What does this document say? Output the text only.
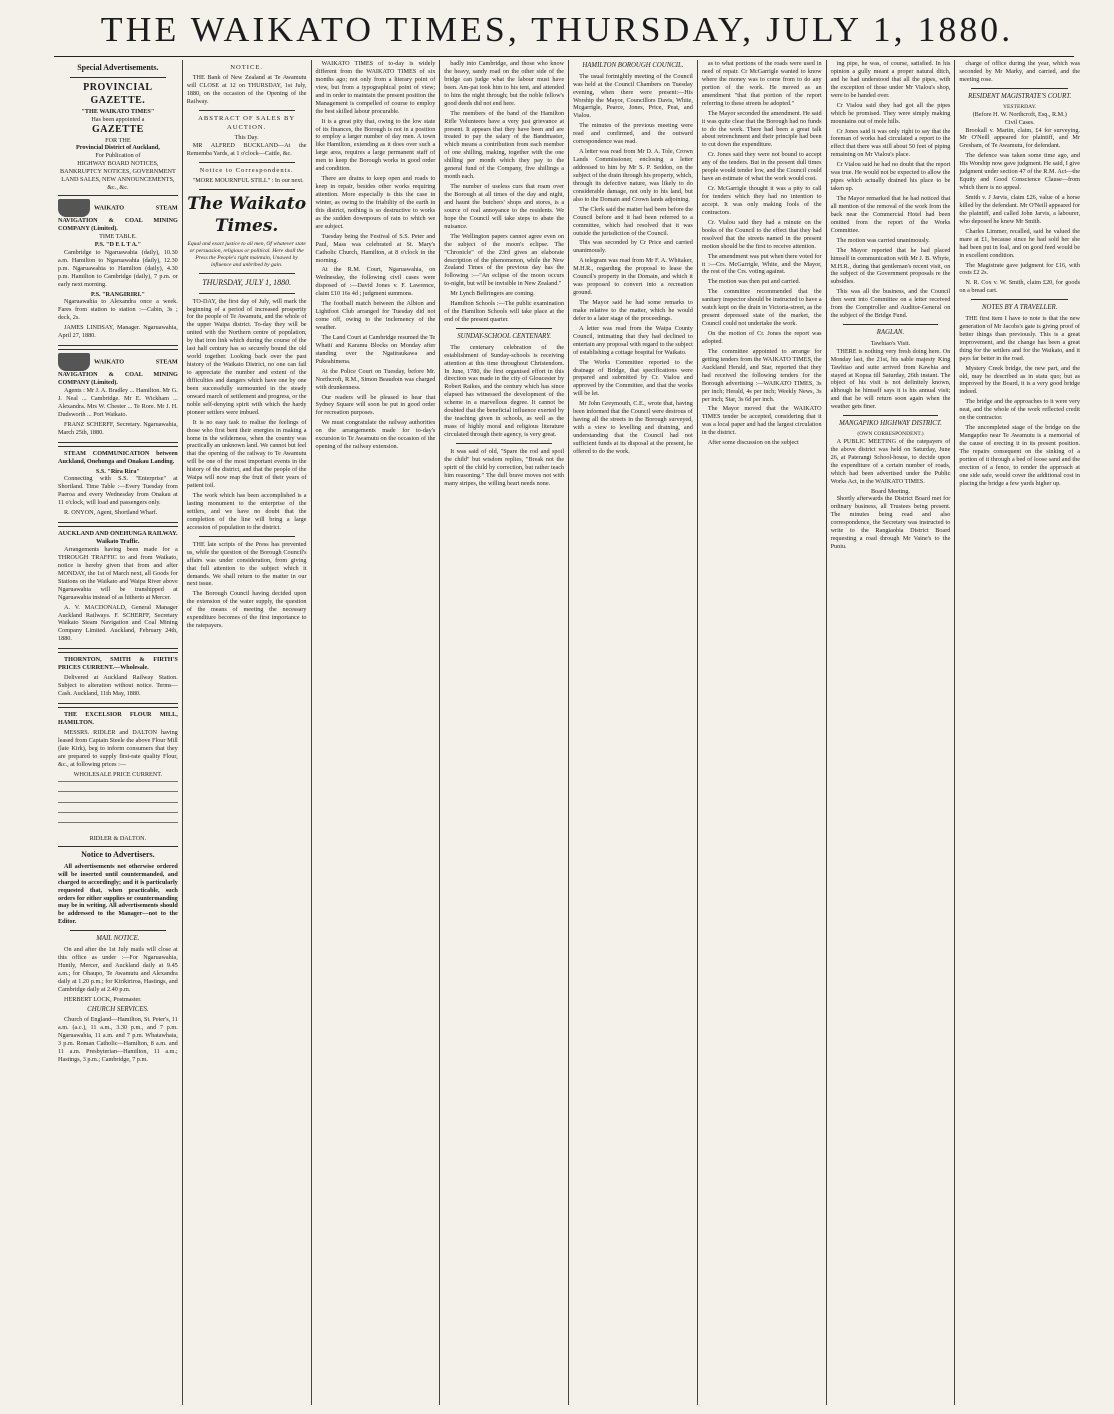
THE WAIKATO TIMES, THURSDAY, JULY 1, 1880.
Special Advertisements.
PROVINCIAL GAZETTE.
"THE WAIKATO TIMES"
Has been appointed a
GAZETTE
FOR THE
Provincial District of Auckland,
For Publication of
HIGHWAY BOARD NOTICES, BANKRUPTCY NOTICES, GOVERNMENT LAND SALES, NEW ANNOUNCEMENTS, &c., &c.
WAIKATO STEAM NAVIGATION & COAL MINING COMPANY (Limited).
TIME TABLE.
P.S. "D E L T A."

Cambridge to Ngaruawahia (daily), 10.30 a.m. Hamilton to Ngaruawahia (daily), 12.30 p.m. Ngaruawahia to Hamilton (daily), 4.30 p.m. Hamilton to Cambridge (daily), 7 p.m. or early next morning.

P.S. "RANGIRIRI."

Ngaruawahia to Alexandra once a week. Fares from station to station :—Cabin, 3s ; deck, 2s.

JAMES LINDSAY, Manager. Ngaruawahia, April 27, 1880.

WAIKATO STEAM NAVIGATION & COAL MINING COMPANY (Limited).

Agents : Mr J. A. Bradley ... Hamilton. Mr G. J. Neal ... Cambridge. Mr E. Wickham ... Alexandra. Mrs W. Chester ... Te Rore. Mr J. H. Dudsworth ... Port Waikato.

FRANZ SCHERFF, Secretary. Ngaruawahia, March 25th, 1880.

STEAM COMMUNICATION between Auckland, Onehunga and Onakau Landing.

S.S. "Rira Rira"

Connecting with S.S. "Enterprise" at Shortland. Time Table :—Every Tuesday from Paeroa and every Wednesday from Onakau at 11 o'clock, will load and passengers only.

R. ONYON, Agent, Shortland Wharf.

AUCKLAND AND ONEHUNGA RAILWAY.
Waikato Traffic.

Arrangements having been made for a THROUGH TRAFFIC to and from Waikato, notice is hereby given that from and after MONDAY, the 1st of March next, all Goods for Stations on the Waikato and Waipa River above Ngaruawahia will be transhipped at Ngaruawahia instead of as hitherto at Mercer.

A. V. MACDONALD, General Manager Auckland Railways. F. SCHERFF, Secretary Waikato Steam Navigation and Coal Mining Company Limited. Auckland, February 24th, 1880.

THORNTON, SMITH & FIRTH'S PRICES CURRENT.—Wholesale.

Delivered at Auckland Railway Station. Subject to alteration without notice. Terms—Cash. Auckland, 11th May, 1880.

THE EXCELSIOR FLOUR MILL, HAMILTON.

MESSRS. RIDLER and DALTON having leased from Captain Steele the above Flour Mill (late Kirk), beg to inform consumers that they are prepared to supply first-rate quality Flour, &c., at following prices :—

WHOLESALE PRICE CURRENT.

RIDLER & DALTON.
Notice to Advertisers.

All advertisements not otherwise ordered will be inserted until countermanded, and charged to accordingly; and it is particularly requested that, when practicable, such orders for either supplies or countermanding may be in writing. All advertisements should be addressed to the Manager—not to the Editor.

MAIL NOTICE.

On and after the 1st July mails will close at this office as under :—For Ngaruawahia, Huntly, Mercer, and Auckland daily at 9.45 a.m.; for Ohaupo, Te Awamutu and Alexandra daily at 1.20 p.m.; for Kirikiriroa, Hastings, and Cambridge daily at 2.40 p.m.

HERBERT LOCK, Postmaster.

CHURCH SERVICES.

Church of England—Hamilton, St. Peter's, 11 a.m. (a.c.), 11 a.m., 3.30 p.m., and 7 p.m. Ngaruawahia, 11 a.m. and 7 p.m. Whatawhata, 3 p.m. Roman Catholic—Hamilton, 8 a.m. and 11 a.m. Presbyterian—Hamilton, 11 a.m.; Hastings, 3 p.m.; Cambridge, 7 p.m.

NOTICE.

THE Bank of New Zealand at Te Awamutu will CLOSE at 12 on THURSDAY, 1st July, 1880, on the occasion of the Opening of the Railway.

ABSTRACT OF SALES BY AUCTION.
This Day.

MR ALFRED BUCKLAND—At the Rememba Yards, at 1 o'clock—Cattle, &c.

Notice to Correspondents.

"MORE MOURNFUL STILL" : In our next.

The Waikato Times.
Equal and exact justice to all men, Of whatever state or persuasion, religious or political. Here shall the Press the People's right maintain, Unawed by influence and unbribed by gain.
THURSDAY, JULY 1, 1880.

TO-DAY, the first day of July, will mark the beginning of a period of increased prosperity for the people of Te Awamutu, and the whole of the upper Waipa district. To-day they will be united with the Northern centre of population, by that iron link which during the course of the last half century has so securely bound the old world together. Looking back over the past history of the Waikato District, no one can fail to appreciate the number and extent of the difficulties and dangers which have one by one been successfully surmounted in the steady onward march of settlement and progress, or the noble self-denying spirit with which the hardy pioneer settlers were imbued.

It is no easy task to realise the feelings of those who first bent their energies in making a home in the wilderness, when the country was practically an unknown land. We cannot but feel that the opening of the railway to Te Awamutu will be one of the most important events in the history of the district, and that the people of the Waipa will now reap the fruit of their years of patient toil.

The work which has been accomplished is a lasting monument to the enterprise of the settlers, and we have no doubt that the completion of the line will bring a large accession of population to the district.

THE late scripts of the Press has prevented us, while the question of the Borough Council's affairs was under consideration, from giving that full attention to the subject which it demands. We shall return to the matter in our next issue.

The Borough Council having decided upon the extension of the water supply, the question of the means of meeting the necessary expenditure becomes of the first importance to the ratepayers.

WAIKATO TIMES of to-day is widely different from the WAIKATO TIMES of six months ago; not only from a literary point of view, but from a typographical point of view; and in order to maintain the present position the Management is compelled of course to employ the best skilled labour procurable.

It is a great pity that, owing to the low state of its finances, the Borough is not in a position to employ a larger number of day men. A town like Hamilton, extending as it does over such a large area, requires a large permanent staff of men to keep the Borough works in good order and condition.

There are drains to keep open and roads to keep in repair, besides other works requiring attention. More especially is this the case in winter, as owing to the friability of the earth in this district, nothing is so destructive to works as the sudden downpours of rain to which we are subject.

Tuesday being the Festival of S.S. Peter and Paul, Mass was celebrated at St. Mary's Catholic Church, Hamilton, at 8 o'clock in the morning.

At the R.M. Court, Ngaruawahia, on Wednesday, the following civil cases were disposed of :—David Jones v. F. Lawrence, claim £10 16s 4d ; judgment summons.

The football match between the Albion and Lightfoot Club arranged for Tuesday did not come off, owing to the inclemency of the weather.

The Land Court at Cambridge resumed the Te Whatii and Karamu Blocks on Monday after standing over the Ngatiraukawa and Pukeahimena.

At the Police Court on Tuesday, before Mr. Northcroft, R.M., Simon Beaudoin was charged with drunkenness.

Our readers will be pleased to hear that Sydney Square will soon be put in good order for recreation purposes.

We must congratulate the railway authorities on the arrangements made for to-day's excursion to Te Awamutu on the occasion of the opening of the railway extension.

badly into Cambridge, and those who know the heavy, sandy road on the other side of the bridge can judge what the labour must have been. Am-pai took him to his tent, and attended to him the night through; but the noble fellow's good deeds did not end here.

The members of the band of the Hamilton Rifle Volunteers have a very just grievance at present. It appears that they have been and are treated to pay the salary of the Bandmaster, which means a contribution from each member of one shilling, making, together with the one shilling per month which they pay to the general fund of the Company, five shillings a month each.

The number of useless curs that roam over the Borough at all times of the day and night, and haunt the butchers' shops and stores, is a source of real annoyance to the residents. We hope the Council will take steps to abate the nuisance.

The Wellington papers cannot agree even on the subject of the moon's eclipse. The "Chronicle" of the 23rd gives an elaborate description of the phenomenon, while the New Zealand Times of the previous day has the following :—"An eclipse of the moon occurs to-night, but will be invisible in New Zealand."

Mr Lynch Bellringers are coming.

Hamilton Schools :—The public examination of the Hamilton Schools will take place at the end of the present quarter.

SUNDAY-SCHOOL CENTENARY.

The centenary celebration of the establishment of Sunday-schools is receiving attention at this time throughout Christendom. In June, 1780, the first organised effort in this direction was made in the city of Gloucester by Robert Raikes, and the century which has since elapsed has witnessed the development of the scheme in a marvellous degree. It cannot be doubted that the beneficial influence exerted by the teaching given in schools, as well as the mass of highly moral and religious literature circulated through their agency, is very great.

It was said of old, "Spare the rod and spoil the child" but wisdom replies, "Break not the spirit of the child by correction, but rather teach him reasoning." The dull brave moves not with many stripes, the willing heart needs none.

HAMILTON BOROUGH COUNCIL.

The usual fortnightly meeting of the Council was held at the Council Chambers on Tuesday evening, when there were present:—His Worship the Mayor, Councillors Davis, White, Mcgarrigle, Pearce, Jones, Price, Peat, and Vialou.

The minutes of the previous meeting were read and confirmed, and the outward correspondence was read.

A letter was read from Mr D. A. Tole, Crown Lands Commissioner, enclosing a letter addressed to him by Mr S. P. Seddon, on the subject of the drain through his property, which, through its defective nature, was likely to do considerable damage, not only to his land, but also to the Domain and Crown lands adjoining.

The Clerk said the matter had been before the Council before and it had been referred to a committee, which had resolved that it was outside the jurisdiction of the Council.

This was seconded by Cr Price and carried unanimously.

A telegram was read from Mr F. A. Whitaker, M.H.R., regarding the proposal to lease the Council's property in the Domain, and which it was proposed to convert into a recreation ground.

The Mayor said he had some remarks to make relative to the matter, which he would defer to a later stage of the proceedings.

A letter was read from the Waipa County Council, intimating that they had declined to entertain any proposal with regard to the subject of establishing a cottage hospital for Waikato.

The Works Committee reported to the drainage of Bridge, that specifications were prepared and submitted by Cr. Vialou and approved by the Committee, and that the works will be let.

Mr John Greymouth, C.E., wrote that, having been informed that the Council were desirous of having all the streets in the Borough surveyed, with a view to levelling and draining, and understanding that the Council had not sufficient funds at its disposal at the present, he offered to do the work.

as to what portions of the roads were used in need of repair. Cr McGarrigle wanted to know where the money was to come from to do any portion of the work. He moved as an amendment "that that portion of the report referring to these streets be adopted."

The Mayor seconded the amendment. He said it was quite clear that the Borough had no funds to do the work. There had been a great talk about retrenchment and their principle had been to cut down the expenditure.

Cr. Jones said they were not bound to accept any of the tenders. But in the present dull times people would tender low, and the Council could have an estimate of what the work would cost.

Cr. McGarrigle thought it was a pity to call for tenders which they had no intention to accept. It was only making fools of the contractors.

Cr. Vialou said they had a minute on the books of the Council to the effect that they had resolved that the streets named in the present motion should be the first to receive attention.

The amendment was put when there voted for it :—Crs. McGarrigle, White, and the Mayor, the rest of the Crs. voting against.

The motion was then put and carried.

The committee recommended that the sanitary inspector should be instructed to have a watch kept on the drain in Victoria-street, as the present depressed state of the market, the Council could not undertake the work.

On the motion of Cr. Jones the report was adopted.

The committee appointed to arrange for getting tenders from the WAIKATO TIMES, the Auckland Herald, and Star, reported that they had received the following tenders for the Borough advertising :—WAIKATO TIMES, 3s per inch; Herald, 4s per inch; Weekly News, 3s per inch; Star, 3s 6d per inch.

The Mayor moved that the WAIKATO TIMES tender be accepted, considering that it was a local paper and had the largest circulation in the district.

After some discussion on the subject

ing pipe, he was, of course, satisfied. In his opinion a gully meant a proper natural ditch, and he had understood that all the pipes, with the exception of those under Mr Vialou's shop, were to be handed over.

Cr Vialou said they had got all the pipes which he promised. They were simply making mountains out of mole hills.

Cr Jones said it was only right to say that the foreman of works had circulated a report to the effect that there was still about 50 feet of piping remaining on Mr Vialou's place.

Cr Vialou said he had no doubt that the report was true. He would not be expected to allow the pipes which actually drained his place to be taken up.

The Mayor remarked that he had noticed that all mention of the removal of the work from the back near the Commercial Hotel had been omitted from the report of the Works Committee.

The motion was carried unanimously.

The Mayor reported that he had placed himself in communication with Mr J. B. Whyte, M.H.R., during that gentleman's recent visit, on the subject of the Government proposals re the subsidies.

This was all the business, and the Council then went into Committee on a letter received from the Comptroller and Auditor-General on the subject of the Bridge Fund.

RAGLAN.
Tawhiao's Visit.

THERE is nothing very fresh doing here. On Monday last, the 21st, his sable majesty King Tawhiao and suite arrived from Kawhia and stayed at Kopua till Saturday, 26th instant. The object of his visit is not definitely known, although he himself says it is his annual visit; and that he will return soon again when the weather gets finer.

MANGAPIKO HIGHWAY DISTRICT.
(OWN CORRESPONDENT.)

A PUBLIC MEETING of the ratepayers of the above district was held on Saturday, June 26, at Paterangi School-house, to decide upon the expenditure of a certain number of roads, which had been advertised under the Public Works Act, in the WAIKATO TIMES.

Board Meeting.

Shortly afterwards the District Board met for ordinary business, all Trustees being present. The minutes being read and also correspondence, the Secretary was instructed to write to the Rangiaohia District Board requesting a road through Mr Vaine's to the Puniu.

charge of office during the year, which was seconded by Mr Marky, and carried, and the meeting rose.

RESIDENT MAGISTRATE'S COURT.
YESTERDAY.
(Before H. W. Northcroft, Esq., R.M.)
Civil Cases.

Brookall v. Martin, claim, £4 for surveying. Mr O'Neill appeared for plaintiff, and Mr Gresham, of Te Awamutu, for defendant.

The defence was taken some time ago, and His Worship now gave judgment. He said, I give judgment under section 47 of the R.M. Act—the Equity and Good Conscience Clause—from which there is no appeal.

Smith v. J Jarvis, claim £26, value of a horse killed by the defendant. Mr O'Neill appeared for the plaintiff, and called John Jarvis, a labourer, who deposed he knew Mr Smith.

Charles Limmer, recalled, said he valued the mare at £1, because since he had sold her she had been put in foal, and on good feed would be in excellent condition.

The Magistrate gave judgment for £16, with costs £2 2s.

N. R. Cox v. W. Smith, claim £20, for goods on a bread cart.

NOTES BY A TRAVELLER.

THE first item I have to note is that the new generation of Mr Jacobs's gate is giving proof of better things than previously. This is a great improvement, and the change has been a great thing for the settlers and for the Waikato, and it pays far better in the road.

Mystery Creek bridge, the new part, and the old, may be described as in statu quo; but as improved by the Board, it is a very good bridge indeed.

The bridge and the approaches to it were very neat, and the whole of the work reflected credit on the contractor.

The uncompleted stage of the bridge on the Mangapiko near Te Awamutu is a memorial of the cause of erecting it in its present position. The repairs consequent on the sinking of a portion of it through a bed of loose sand and the erection of a fence, to render the approach at one side safe, would cover the additional cost in placing the bridge a few yards higher up.
